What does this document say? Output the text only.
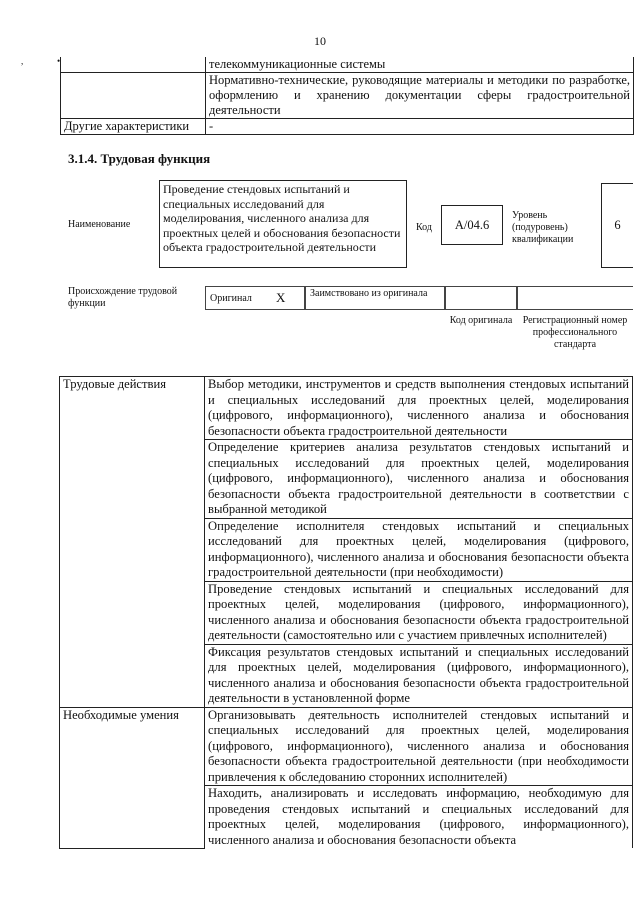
10
,	•

	телекоммуникационные системы

	Нормативно-технические, руководящие материалы и методики по разработке, оформлению и хранению документации сферы градостроительной деятельности

Другие характеристики	-
3.1.4. Трудовая функция
Наименование
Проведение стендовых испытаний и специальных исследований для моделирования, численного анализа для проектных целей и обоснования безопасности объекта градостроительной деятельности
Код	А/04.6
Уровень (подуровень) квалификации
6
Происхождение трудовой функции	Оригинал X	Заимствовано из оригинала
Код оригинала Регистрационный номер профессионального стандарта
Трудовые действия	Выбор методики, инструментов и средств выполнения стендовых испытаний и специальных исследований для проектных целей, моделирования (цифрового, информационного), численного анализа и обоснования безопасности объекта градостроительной деятельности

	Определение критериев анализа результатов стендовых испытаний и специальных исследований для проектных целей, моделирования (цифрового, информационного), численного анализа и обоснования безопасности объекта градостроительной деятельности в соответствии с выбранной методикой

	Определение исполнителя стендовых испытаний и специальных исследований для проектных целей, моделирования (цифрового, информационного), численного анализа и обоснования безопасности объекта градостроительной деятельности (при необходимости)

	Проведение стендовых испытаний и специальных исследований для проектных целей, моделирования (цифрового, информационного), численного анализа и обоснования безопасности объекта градостроительной деятельности (самостоятельно или с участием привлечных исполнителей)

	Фиксация результатов стендовых испытаний и специальных исследований для проектных целей, моделирования (цифрового, информационного), численного анализа и обоснования безопасности объекта градостроительной деятельности в установленной форме

Необходимые умения	Организовывать деятельность исполнителей стендовых испытаний и специальных исследований для проектных целей, моделирования (цифрового, информационного), численного анализа и обоснования безопасности объекта градостроительной деятельности (при необходимости привлечения к обследованию сторонних исполнителей)

	Находить, анализировать и исследовать информацию, необходимую для проведения стендовых испытаний и специальных исследований для проектных целей, моделирования (цифрового, информационного), численного анализа и обоснования безопасности объекта
